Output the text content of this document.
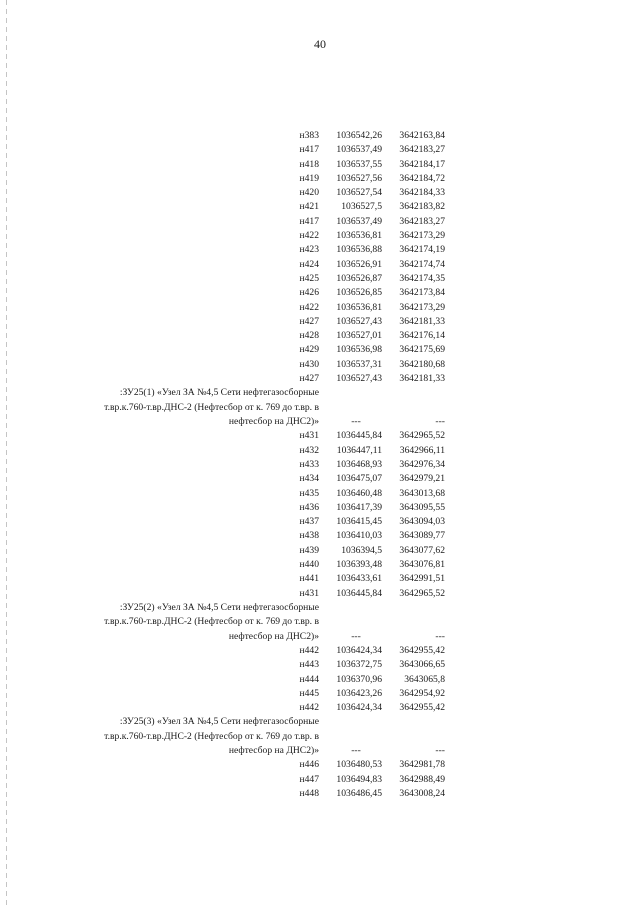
40
н383	1036542,26	3642163,84
н417	1036537,49	3642183,27
н418	1036537,55	3642184,17
н419	1036527,56	3642184,72
н420	1036527,54	3642184,33
н421	1036527,5	3642183,82
н417	1036537,49	3642183,27
н422	1036536,81	3642173,29
н423	1036536,88	3642174,19
н424	1036526,91	3642174,74
н425	1036526,87	3642174,35
н426	1036526,85	3642173,84
н422	1036536,81	3642173,29
н427	1036527,43	3642181,33
н428	1036527,01	3642176,14
н429	1036536,98	3642175,69
н430	1036537,31	3642180,68
н427	1036527,43	3642181,33
:ЗУ25(1) «Узел ЗА №4,5 Сети нефтегазосборные т.вр.к.760-т.вр.ДНС-2 (Нефтесбор от к. 769 до т.вр. в нефтесбор на ДНС2)»	---	---
н431	1036445,84	3642965,52
н432	1036447,11	3642966,11
н433	1036468,93	3642976,34
н434	1036475,07	3642979,21
н435	1036460,48	3643013,68
н436	1036417,39	3643095,55
н437	1036415,45	3643094,03
н438	1036410,03	3643089,77
н439	1036394,5	3643077,62
н440	1036393,48	3643076,81
н441	1036433,61	3642991,51
н431	1036445,84	3642965,52
:ЗУ25(2) «Узел ЗА №4,5 Сети нефтегазосборные т.вр.к.760-т.вр.ДНС-2 (Нефтесбор от к. 769 до т.вр. в нефтесбор на ДНС2)»	---	---
н442	1036424,34	3642955,42
н443	1036372,75	3643066,65
н444	1036370,96	3643065,8
н445	1036423,26	3642954,92
н442	1036424,34	3642955,42
:ЗУ25(3) «Узел ЗА №4,5 Сети нефтегазосборные т.вр.к.760-т.вр.ДНС-2 (Нефтесбор от к. 769 до т.вр. в нефтесбор на ДНС2)»	---	---
н446	1036480,53	3642981,78
н447	1036494,83	3642988,49
н448	1036486,45	3643008,24
